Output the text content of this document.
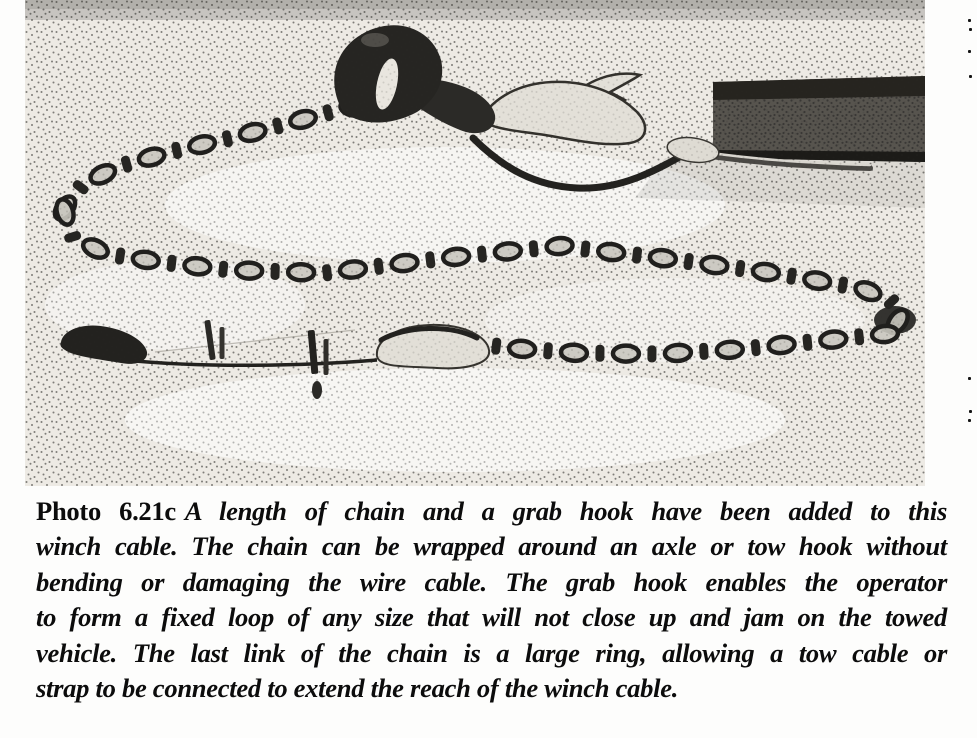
Photo 6.21c A length of chain and a grab hook have been added to this
winch cable. The chain can be wrapped around an axle or tow hook without
bending or damaging the wire cable. The grab hook enables the operator
to form a fixed loop of any size that will not close up and jam on the towed
vehicle. The last link of the chain is a large ring, allowing a tow cable or
strap to be connected to extend the reach of the winch cable.
